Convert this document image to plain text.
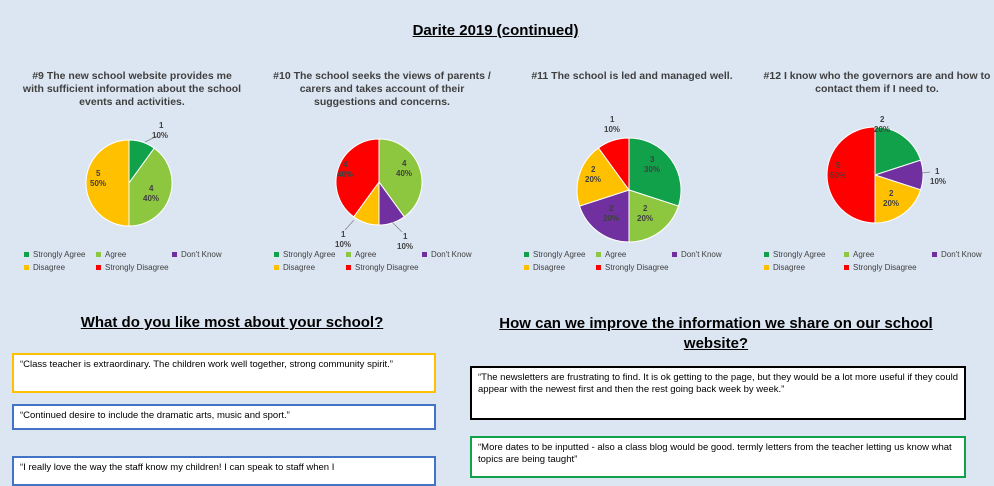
Darite 2019 (continued)
#9 The new school website provides me with sufficient information about the school events and activities.
1
10%
4
40%
5
50%
Strongly Agree	Agree	Don't Know
Disagree	Strongly Disagree
#10 The school seeks the views of parents / carers and takes account of their suggestions and concerns.
4
40%
4
40%
1
10%
1
10%
Strongly Agree	Agree	Don't Know
Disagree	Strongly Disagree
#11 The school is led and managed well.
1
10%
3
30%
2
20%
2
20%
2
20%
Strongly Agree	Agree	Don't Know
Disagree	Strongly Disagree
#12 I know who the governors are and how to contact them if I need to.
2
20%
1
10%
2
20%
5
50%
Strongly Agree	Agree	Don't Know
Disagree	Strongly Disagree
What do you like most about your school?
“Class teacher is extraordinary. The children work well together, strong community spirit.”
“Continued desire to include the dramatic arts, music and sport.”
“I really love the way the staff know my children! I can speak to staff when I
How can we improve the information we share on our school website?
“The newsletters are frustrating to find. It is ok getting to the page, but they would be a lot more useful if they could appear with the newest first and then the rest going back week by week.”
“More dates to be inputted - also a class blog would be good. termly letters from the teacher letting us know what topics are being taught”
